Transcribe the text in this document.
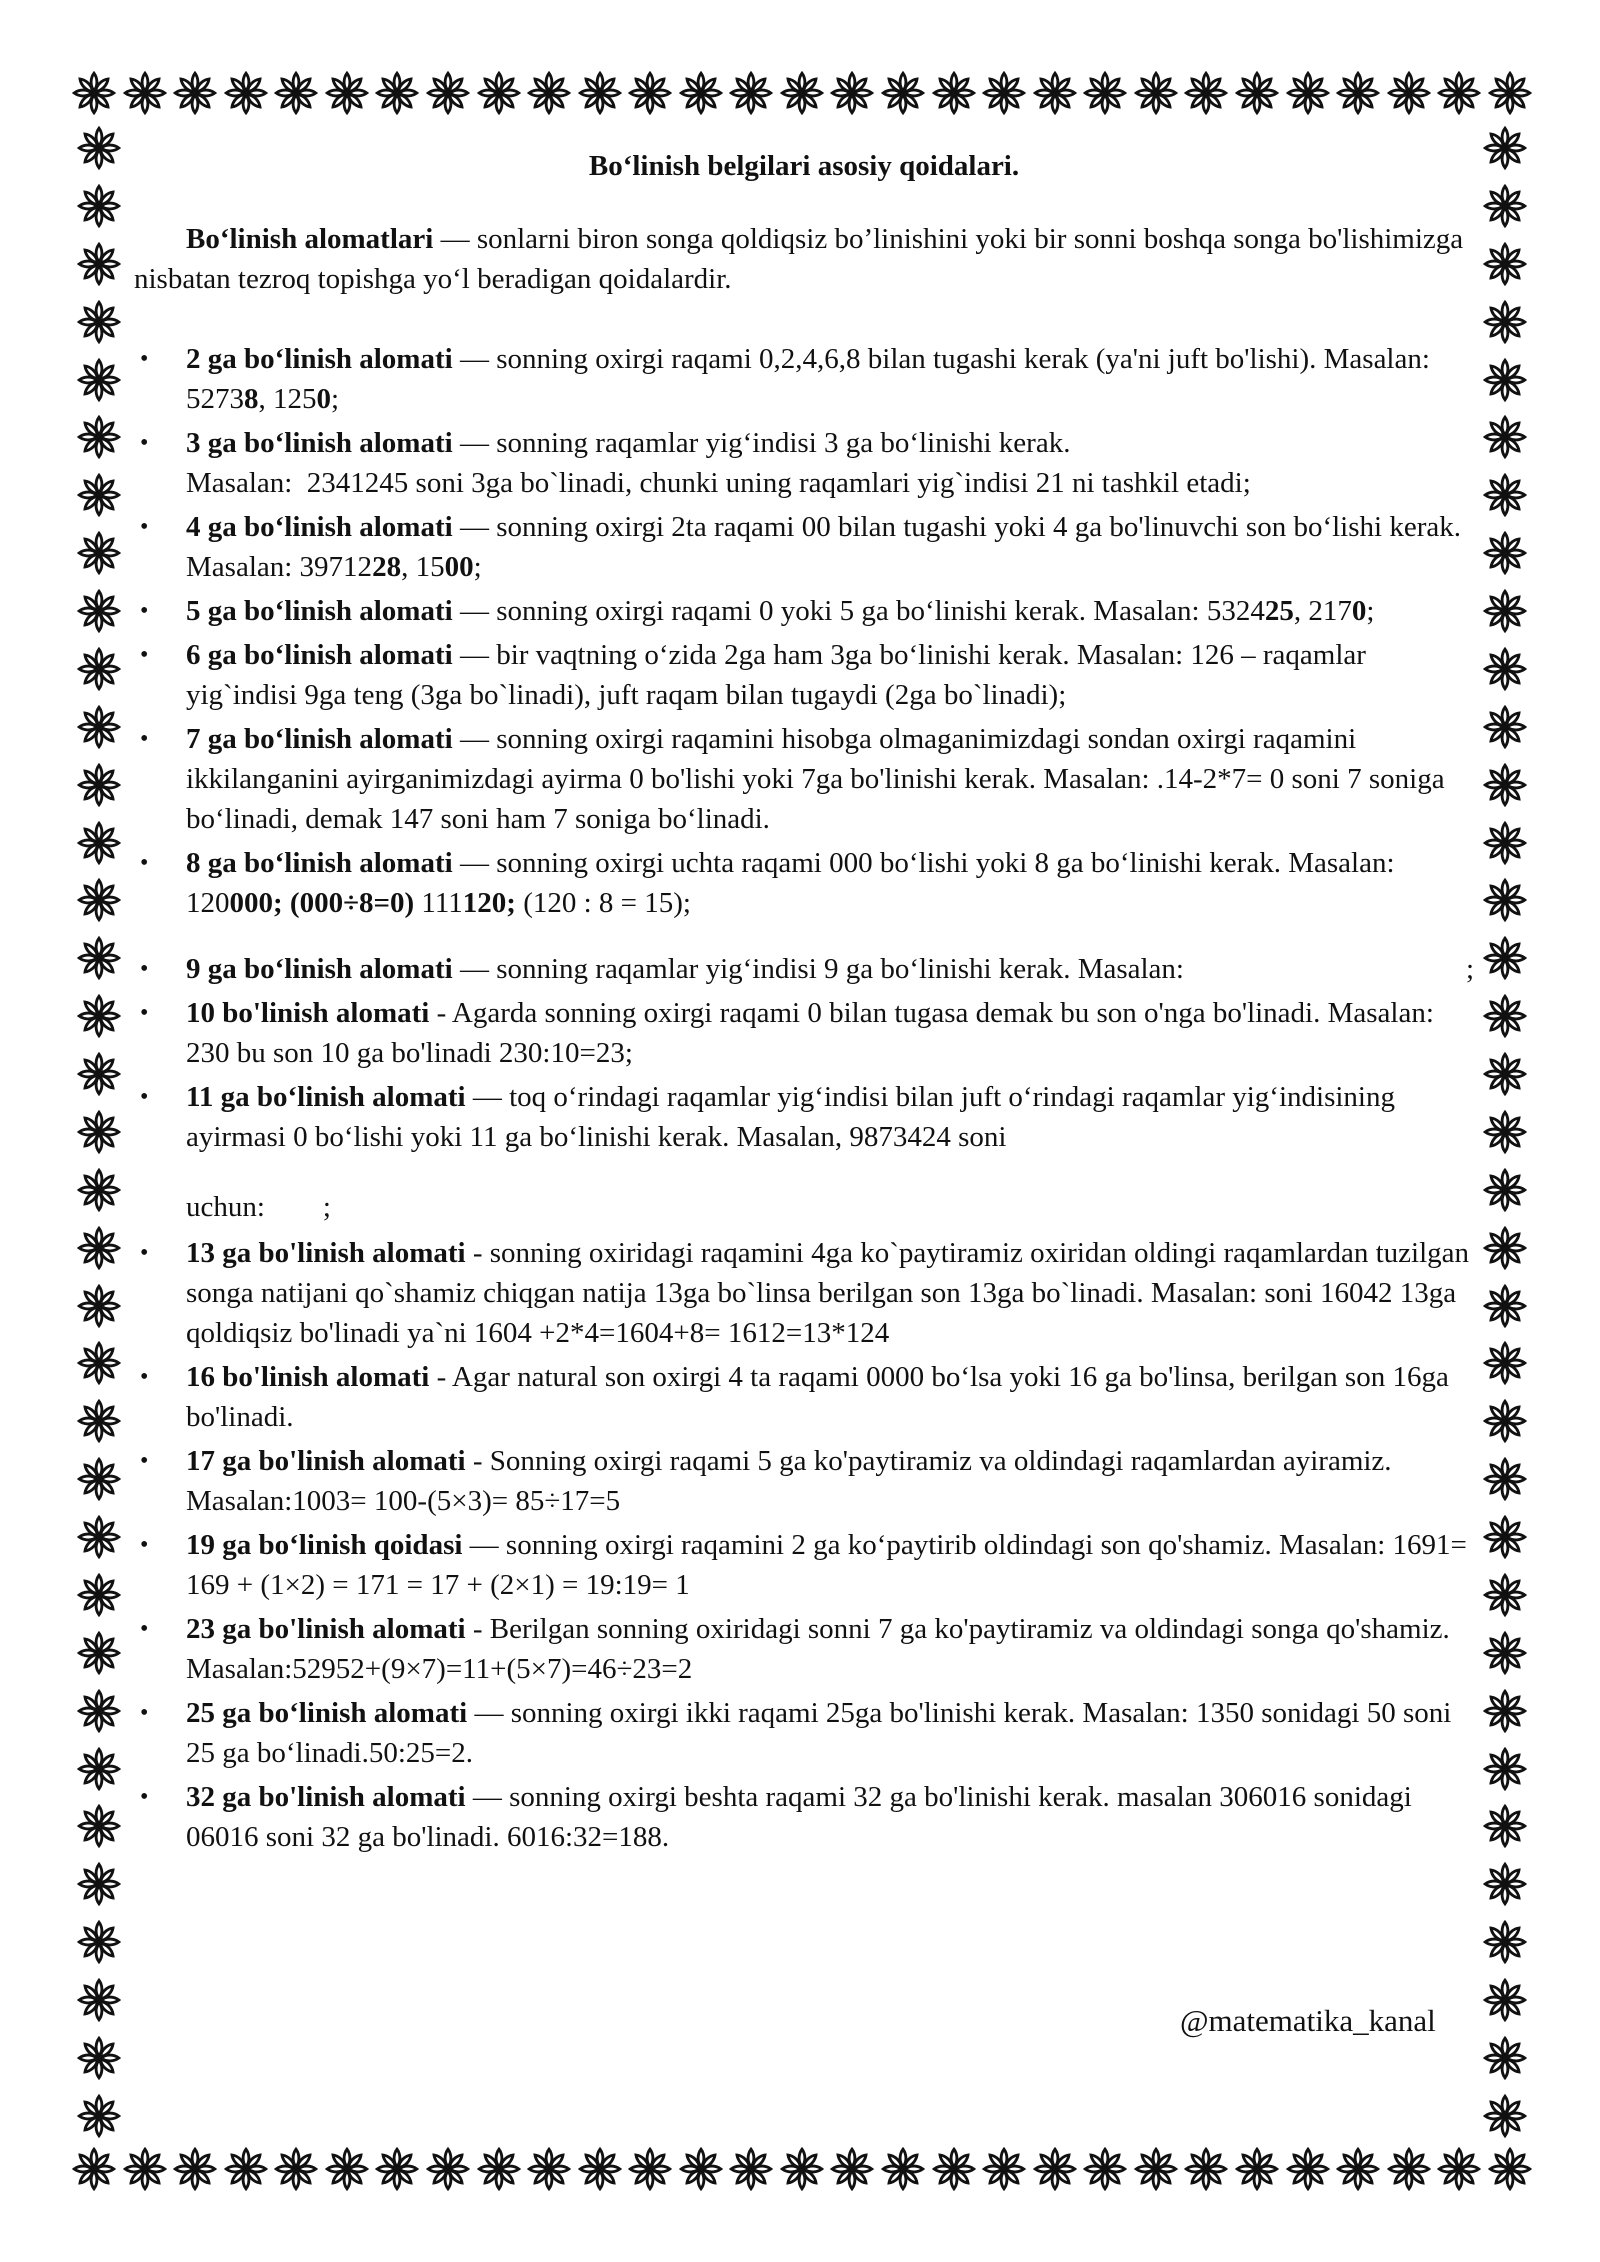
Bo‘linish belgilari asosiy qoidalari.

Bo‘linish alomatlari — sonlarni biron songa qoldiqsiz bo’linishini yoki bir sonni boshqa songa bo'lishimizga nisbatan tezroq topishga yo‘l beradigan qoidalardir.

• 2 ga bo‘linish alomati — sonning oxirgi raqami 0,2,4,6,8 bilan tugashi kerak (ya'ni juft bo'lishi). Masalan: 52738, 1250;
• 3 ga bo‘linish alomati — sonning raqamlar yig‘indisi 3 ga bo‘linishi kerak.
Masalan:  2341245 soni 3ga bo`linadi, chunki uning raqamlari yig`indisi 21 ni tashkil etadi;
• 4 ga bo‘linish alomati — sonning oxirgi 2ta raqami 00 bilan tugashi yoki 4 ga bo'linuvchi son bo‘lishi kerak. Masalan: 3971228, 1500;
• 5 ga bo‘linish alomati — sonning oxirgi raqami 0 yoki 5 ga bo‘linishi kerak. Masalan: 532425, 2170;
• 6 ga bo‘linish alomati — bir vaqtning o‘zida 2ga ham 3ga bo‘linishi kerak. Masalan: 126 – raqamlar yig`indisi 9ga teng (3ga bo`linadi), juft raqam bilan tugaydi (2ga bo`linadi);
• 7 ga bo‘linish alomati — sonning oxirgi raqamini hisobga olmaganimizdagi sondan oxirgi raqamini ikkilanganini ayirganimizdagi ayirma 0 bo'lishi yoki 7ga bo'linishi kerak. Masalan: .14-2*7= 0 soni 7 soniga bo‘linadi, demak 147 soni ham 7 soniga bo‘linadi.
• 8 ga bo‘linish alomati — sonning oxirgi uchta raqami 000 bo‘lishi yoki 8 ga bo‘linishi kerak. Masalan: 120000; (000÷8=0) 111120; (120 : 8 = 15);
• 9 ga bo‘linish alomati — sonning raqamlar yig‘indisi 9 ga bo‘linishi kerak. Masalan:	;
• 10 bo'linish alomati - Agarda sonning oxirgi raqami 0 bilan tugasa demak bu son o'nga bo'linadi. Masalan: 230 bu son 10 ga bo'linadi 230:10=23;
• 11 ga bo‘linish alomati — toq o‘rindagi raqamlar yig‘indisi bilan juft o‘rindagi raqamlar yig‘indisining ayirmasi 0 bo‘lishi yoki 11 ga bo‘linishi kerak. Masalan, 9873424 soni
uchun:        ;
• 13 ga bo'linish alomati - sonning oxiridagi raqamini 4ga ko`paytiramiz oxiridan oldingi raqamlardan tuzilgan songa natijani qo`shamiz chiqgan natija 13ga bo`linsa berilgan son 13ga bo`linadi. Masalan: soni 16042 13ga qoldiqsiz bo'linadi ya`ni 1604 +2*4=1604+8= 1612=13*124
• 16 bo'linish alomati - Agar natural son oxirgi 4 ta raqami 0000 bo‘lsa yoki 16 ga bo'linsa, berilgan son 16ga bo'linadi.
• 17 ga bo'linish alomati - Sonning oxirgi raqami 5 ga ko'paytiramiz va oldindagi raqamlardan ayiramiz. Masalan:1003= 100-(5×3)= 85÷17=5
• 19 ga bo‘linish qoidasi — sonning oxirgi raqamini 2 ga ko‘paytirib oldindagi son qo'shamiz. Masalan: 1691= 169 + (1×2) = 171 = 17 + (2×1) = 19:19= 1
• 23 ga bo'linish alomati - Berilgan sonning oxiridagi sonni 7 ga ko'paytiramiz va oldindagi songa qo'shamiz. Masalan:52952+(9×7)=11+(5×7)=46÷23=2
• 25 ga bo‘linish alomati — sonning oxirgi ikki raqami 25ga bo'linishi kerak. Masalan: 1350 sonidagi 50 soni 25 ga bo‘linadi.50:25=2.
• 32 ga bo'linish alomati — sonning oxirgi beshta raqami 32 ga bo'linishi kerak. masalan 306016 sonidagi 06016 soni 32 ga bo'linadi. 6016:32=188.
@matematika_kanal
